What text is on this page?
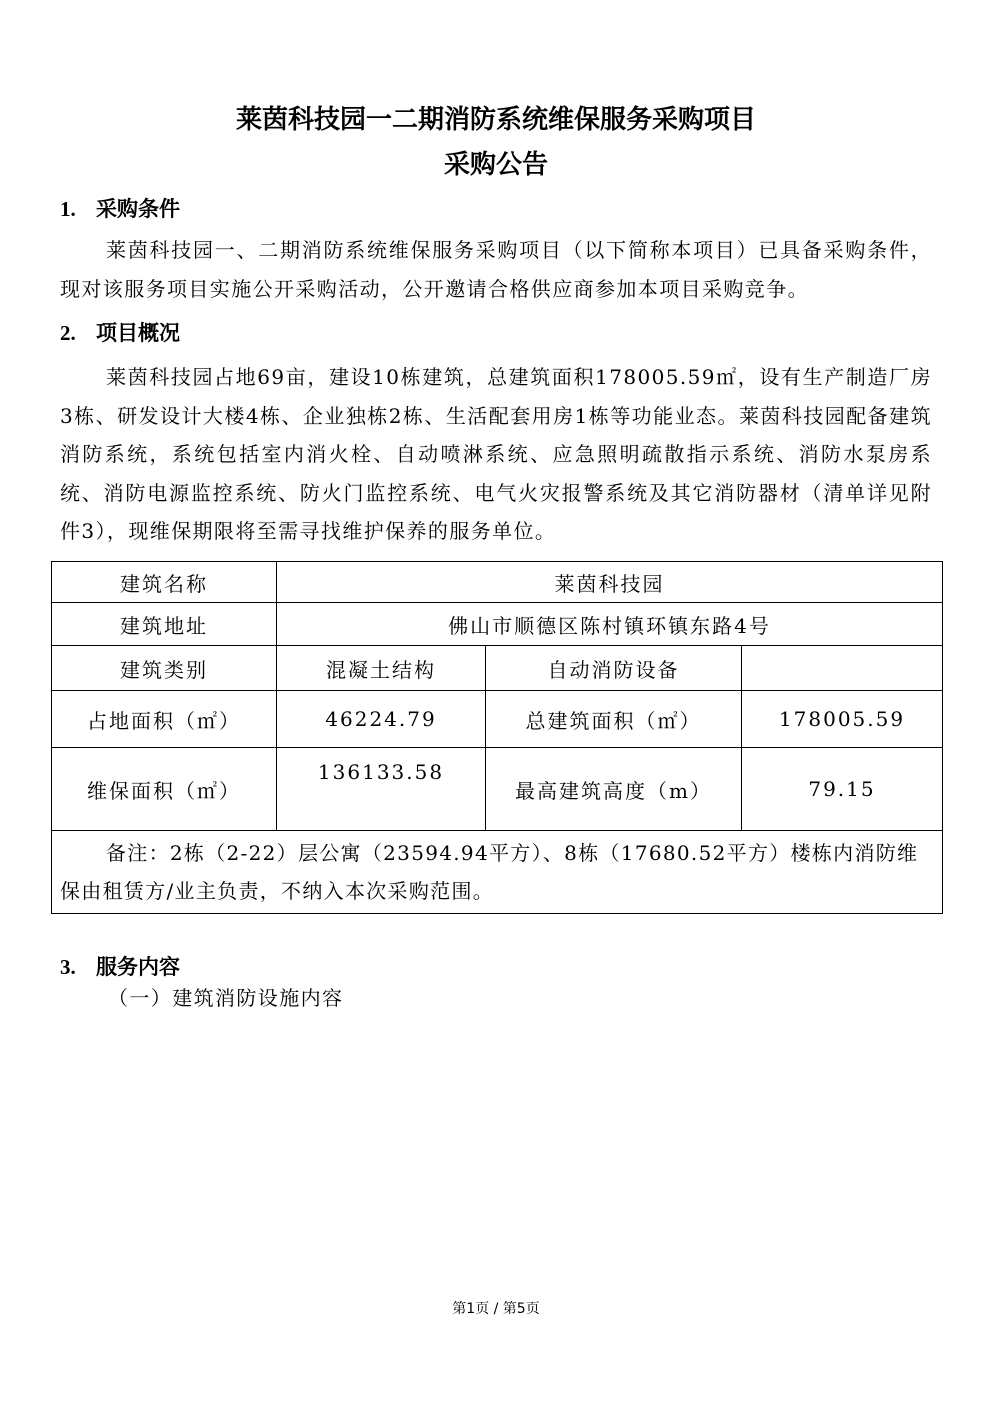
莱茵科技园一二期消防系统维保服务采购项目
采购公告
1. 采购条件
莱茵科技园一、二期消防系统维保服务采购项目（以下简称本项目）已具备采购条件，现对该服务项目实施公开采购活动，公开邀请合格供应商参加本项目采购竞争。
2. 项目概况
莱茵科技园占地69亩，建设10栋建筑，总建筑面积178005.59㎡，设有生产制造厂房3栋、研发设计大楼4栋、企业独栋2栋、生活配套用房1栋等功能业态。莱茵科技园配备建筑消防系统，系统包括室内消火栓、自动喷淋系统、应急照明疏散指示系统、消防水泵房系统、消防电源监控系统、防火门监控系统、电气火灾报警系统及其它消防器材（清单详见附件3），现维保期限将至需寻找维护保养的服务单位。
建筑名称	莱茵科技园		
建筑地址	佛山市顺德区陈村镇环镇东路4号		
建筑类别	混凝土结构	自动消防设备	
占地面积（㎡）	46224.79	总建筑面积（㎡）	178005.59
维保面积（㎡）	136133.58	最高建筑高度（m）	79.15
备注：2栋（2-22）层公寓（23594.94平方）、8栋（17680.52平方）楼栋内消防维保由租赁方/业主负责，不纳入本次采购范围。			
3. 服务内容
（一）建筑消防设施内容
第1页 / 第5页
